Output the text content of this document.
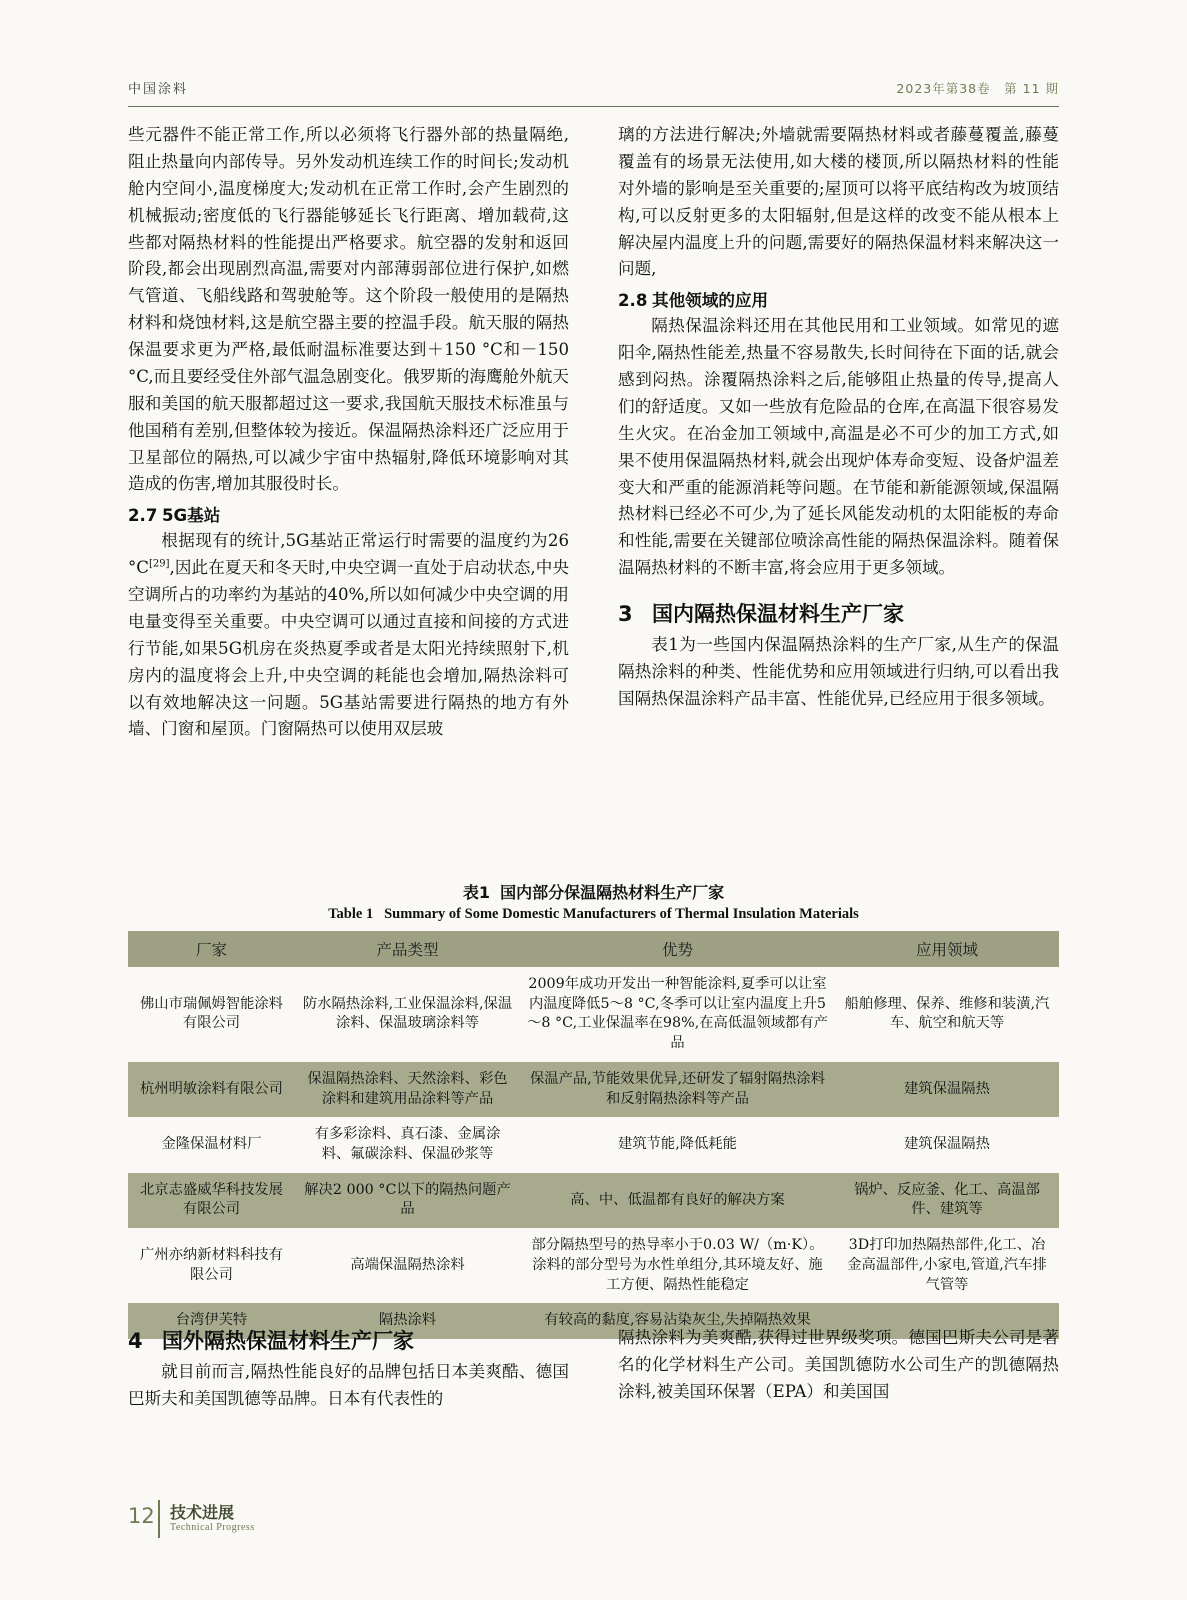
中国涂料	2023年第38卷　第 11 期

些元器件不能正常工作,所以必须将飞行器外部的热量隔绝,阻止热量向内部传导。另外发动机连续工作的时间长;发动机舱内空间小,温度梯度大;发动机在正常工作时,会产生剧烈的机械振动;密度低的飞行器能够延长飞行距离、增加载荷,这些都对隔热材料的性能提出严格要求。航空器的发射和返回阶段,都会出现剧烈高温,需要对内部薄弱部位进行保护,如燃气管道、飞船线路和驾驶舱等。这个阶段一般使用的是隔热材料和烧蚀材料,这是航空器主要的控温手段。航天服的隔热保温要求更为严格,最低耐温标准要达到＋150 °C和－150 °C,而且要经受住外部气温急剧变化。俄罗斯的海鹰舱外航天服和美国的航天服都超过这一要求,我国航天服技术标准虽与他国稍有差别,但整体较为接近。保温隔热涂料还广泛应用于卫星部位的隔热,可以减少宇宙中热辐射,降低环境影响对其造成的伤害,增加其服役时长。

2.7 5G基站

根据现有的统计,5G基站正常运行时需要的温度约为26 °C[29],因此在夏天和冬天时,中央空调一直处于启动状态,中央空调所占的功率约为基站的40%,所以如何减少中央空调的用电量变得至关重要。中央空调可以通过直接和间接的方式进行节能,如果5G机房在炎热夏季或者是太阳光持续照射下,机房内的温度将会上升,中央空调的耗能也会增加,隔热涂料可以有效地解决这一问题。5G基站需要进行隔热的地方有外墙、门窗和屋顶。门窗隔热可以使用双层玻

璃的方法进行解决;外墙就需要隔热材料或者藤蔓覆盖,藤蔓覆盖有的场景无法使用,如大楼的楼顶,所以隔热材料的性能对外墙的影响是至关重要的;屋顶可以将平底结构改为坡顶结构,可以反射更多的太阳辐射,但是这样的改变不能从根本上解决屋内温度上升的问题,需要好的隔热保温材料来解决这一问题,

2.8 其他领域的应用

隔热保温涂料还用在其他民用和工业领域。如常见的遮阳伞,隔热性能差,热量不容易散失,长时间待在下面的话,就会感到闷热。涂覆隔热涂料之后,能够阻止热量的传导,提高人们的舒适度。又如一些放有危险品的仓库,在高温下很容易发生火灾。在冶金加工领域中,高温是必不可少的加工方式,如果不使用保温隔热材料,就会出现炉体寿命变短、设备炉温差变大和严重的能源消耗等问题。在节能和新能源领域,保温隔热材料已经必不可少,为了延长风能发动机的太阳能板的寿命和性能,需要在关键部位喷涂高性能的隔热保温涂料。随着保温隔热材料的不断丰富,将会应用于更多领域。

3 国内隔热保温材料生产厂家

表1为一些国内保温隔热涂料的生产厂家,从生产的保温隔热涂料的种类、性能优势和应用领域进行归纳,可以看出我国隔热保温涂料产品丰富、性能优异,已经应用于很多领域。

表1 国内部分保温隔热材料生产厂家
Table 1 Summary of Some Domestic Manufacturers of Thermal Insulation Materials
厂家	产品类型	优势	应用领域
佛山市瑞佩姆智能涂料有限公司	防水隔热涂料,工业保温涂料,保温涂料、保温玻璃涂料等	2009年成功开发出一种智能涂料,夏季可以让室内温度降低5～8 °C,冬季可以让室内温度上升5～8 °C,工业保温率在98%,在高低温领域都有产品	船舶修理、保养、维修和装潢,汽车、航空和航天等
杭州明敏涂料有限公司	保温隔热涂料、天然涂料、彩色涂料和建筑用品涂料等产品	保温产品,节能效果优异,还研发了辐射隔热涂料和反射隔热涂料等产品	建筑保温隔热
金隆保温材料厂	有多彩涂料、真石漆、金属涂料、氟碳涂料、保温砂浆等	建筑节能,降低耗能	建筑保温隔热
北京志盛威华科技发展有限公司	解决2 000 °C以下的隔热问题产品	高、中、低温都有良好的解决方案	锅炉、反应釜、化工、高温部件、建筑等
广州亦纳新材料科技有限公司	高端保温隔热涂料	部分隔热型号的热导率小于0.03 W/（m·K）。涂料的部分型号为水性单组分,其环境友好、施工方便、隔热性能稳定	3D打印加热隔热部件,化工、冶金高温部件,小家电,管道,汽车排气管等
台湾伊芙特	隔热涂料	有较高的黏度,容易沾染灰尘,失掉隔热效果	
4 国外隔热保温材料生产厂家

就目前而言,隔热性能良好的品牌包括日本美爽酷、德国巴斯夫和美国凯德等品牌。日本有代表性的

隔热涂料为美爽酷,获得过世界级奖项。德国巴斯夫公司是著名的化学材料生产公司。美国凯德防水公司生产的凯德隔热涂料,被美国环保署（EPA）和美国国

12 技术进展
Technical Progress
